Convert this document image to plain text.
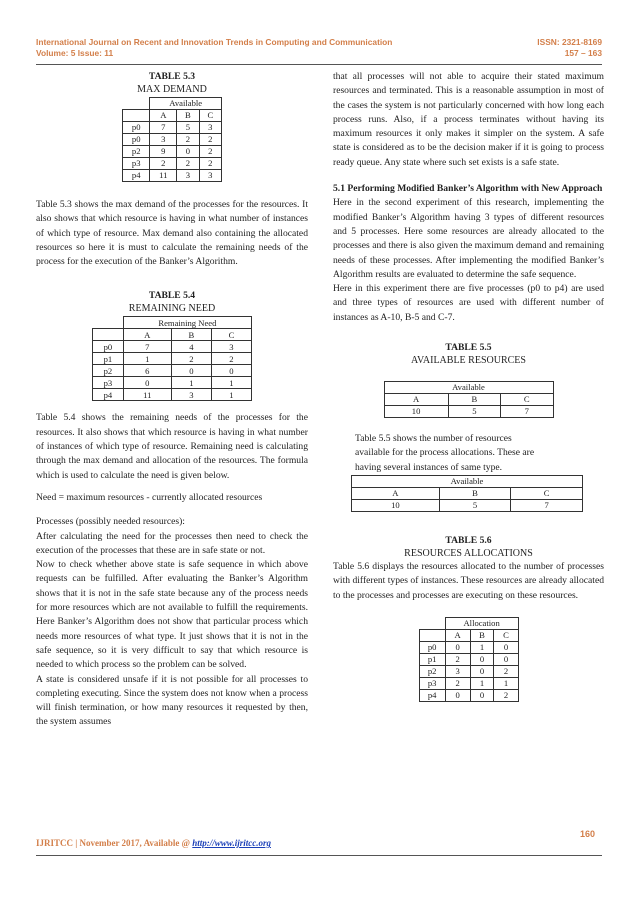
International Journal on Recent and Innovation Trends in Computing and Communication	ISSN: 2321-8169
Volume: 5 Issue: 11	157 – 163
TABLE 5.3
MAX DEMAND
	Available		
	A	B	C
p0	7	5	3
p0	3	2	2
p2	9	0	2
p3	2	2	2
p4	11	3	3

Table 5.3 shows the max demand of the processes for the resources. It also shows that which resource is having in what number of instances of which type of resource. Max demand also containing the allocated resources so here it is must to calculate the remaining needs of the process for the execution of the Banker’s Algorithm.

TABLE 5.4
REMAINING NEED
	Remaining Need		
	A	B	C
p0	7	4	3
p1	1	2	2
p2	6	0	0
p3	0	1	1
p4	11	3	1

Table 5.4 shows the remaining needs of the processes for the resources. It also shows that which resource is having in what number of instances of which type of resource. Remaining need is calculating through the max demand and allocation of the resources. The formula which is used to calculate the need is given below.

Need = maximum resources - currently allocated resources

Processes (possibly needed resources):

After calculating the need for the processes then need to check the execution of the processes that these are in safe state or not.

Now to check whether above state is safe sequence in which above requests can be fulfilled. After evaluating the Banker’s Algorithm shows that it is not in the safe state because any of the process needs for more resources which are not available to fulfill the requirements. Here Banker’s Algorithm does not show that particular process which needs more resources of what type. It just shows that it is not in the safe sequence, so it is very difficult to say that which resource is needed to which process so the problem can be solved.

A state is considered unsafe if it is not possible for all processes to completing executing. Since the system does not know when a process will finish termination, or how many resources it requested by then, the system assumes

that all processes will not able to acquire their stated maximum resources and terminated. This is a reasonable assumption in most of the cases the system is not particularly concerned with how long each process runs. Also, if a process terminates without having its maximum resources it only makes it simpler on the system. A safe state is considered as to be the decision maker if it is going to process ready queue. Any state where such set exists is a safe state.

5.1 Performing Modified Banker’s Algorithm with New Approach

Here in the second experiment of this research, implementing the modified Banker’s Algorithm having 3 types of different resources and 5 processes. Here some resources are already allocated to the processes and there is also given the maximum demand and remaining needs of these processes. After implementing the modified Banker’s Algorithm results are evaluated to determine the safe sequence.

Here in this experiment there are five processes (p0 to p4) are used and three types of resources are used with different number of instances as A-10, B-5 and C-7.

TABLE 5.5
AVAILABLE RESOURCES
Available		
A	B	C
10	5	7

Table 5.5 shows the number of resources available for the process allocations. These are having several instances of same type.

Available		
A	B	C
10	5	7
TABLE 5.6
RESOURCES ALLOCATIONS

Table 5.6 displays the resources allocated to the number of processes with different types of instances. These resources are already allocated to the processes and processes are executing on these resources.

	Allocation		
	A	B	C
p0	0	1	0
p1	2	0	0
p2	3	0	2
p3	2	1	1
p4	0	0	2
160
IJRITCC | November 2017, Available @ http://www.ijritcc.org
